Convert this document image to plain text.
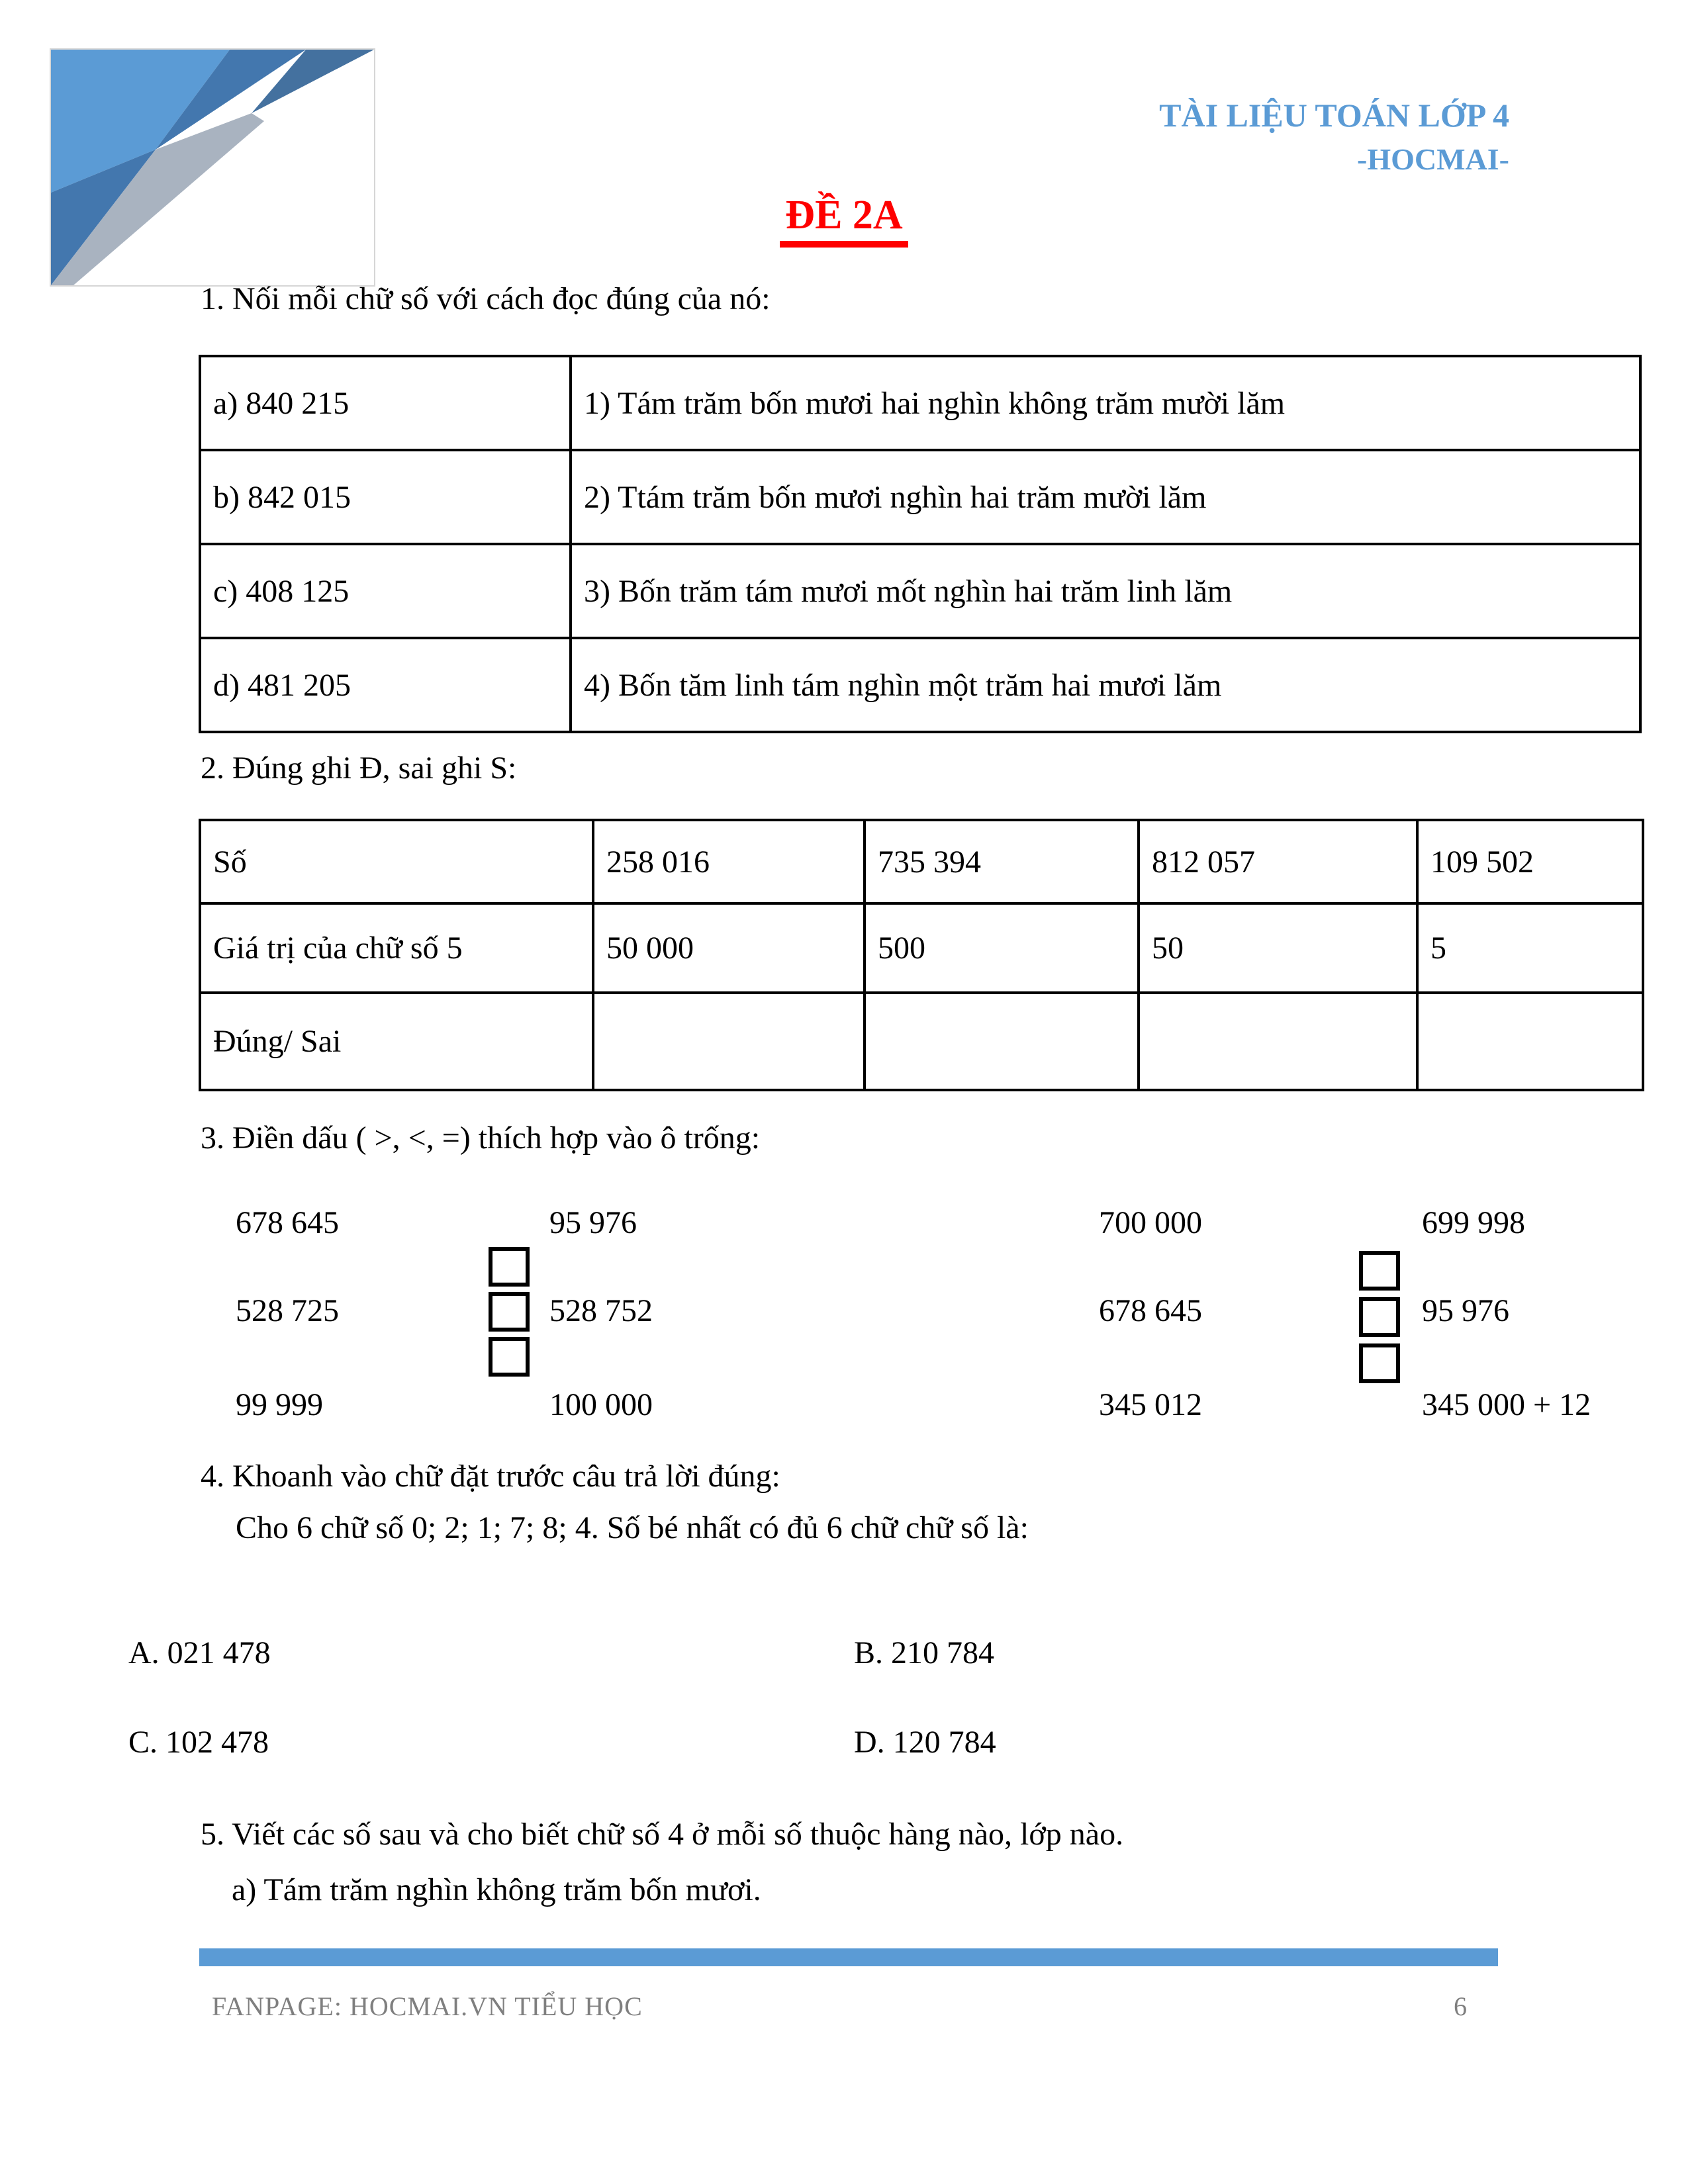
TÀI LIỆU TOÁN LỚP 4
-HOCMAI-
ĐỀ 2A
1. Nối mỗi chữ số với cách đọc đúng của nó:
a) 840 215	1) Tám trăm bốn mươi hai nghìn không trăm mười lăm
b) 842 015	2) Ttám trăm bốn mươi nghìn hai trăm mười lăm
c) 408 125	3) Bốn trăm tám mươi mốt nghìn hai trăm linh lăm
d) 481 205	4) Bốn tăm linh tám nghìn một trăm hai mươi lăm
2. Đúng ghi Đ, sai ghi S:
Số	258 016	735 394	812 057	109 502
Giá trị của chữ số 5	50 000	500	50	5
Đúng/ Sai				
3. Điền dấu ( >, <, =) thích hợp vào ô trống:
678 645	95 976
528 725	528 752
99 999	100 000
700 000	699 998
678 645	95 976
345 012	345 000 + 12
4. Khoanh vào chữ đặt trước câu trả lời đúng:
Cho 6 chữ số 0; 2; 1; 7; 8; 4. Số bé nhất có đủ 6 chữ chữ số là:
A. 021 478	B. 210 784
C. 102 478	D. 120 784
5. Viết các số sau và cho biết chữ số 4 ở mỗi số thuộc hàng nào, lớp nào.
a) Tám trăm nghìn không trăm bốn mươi.
FANPAGE: HOCMAI.VN TIỂU HỌC	6
